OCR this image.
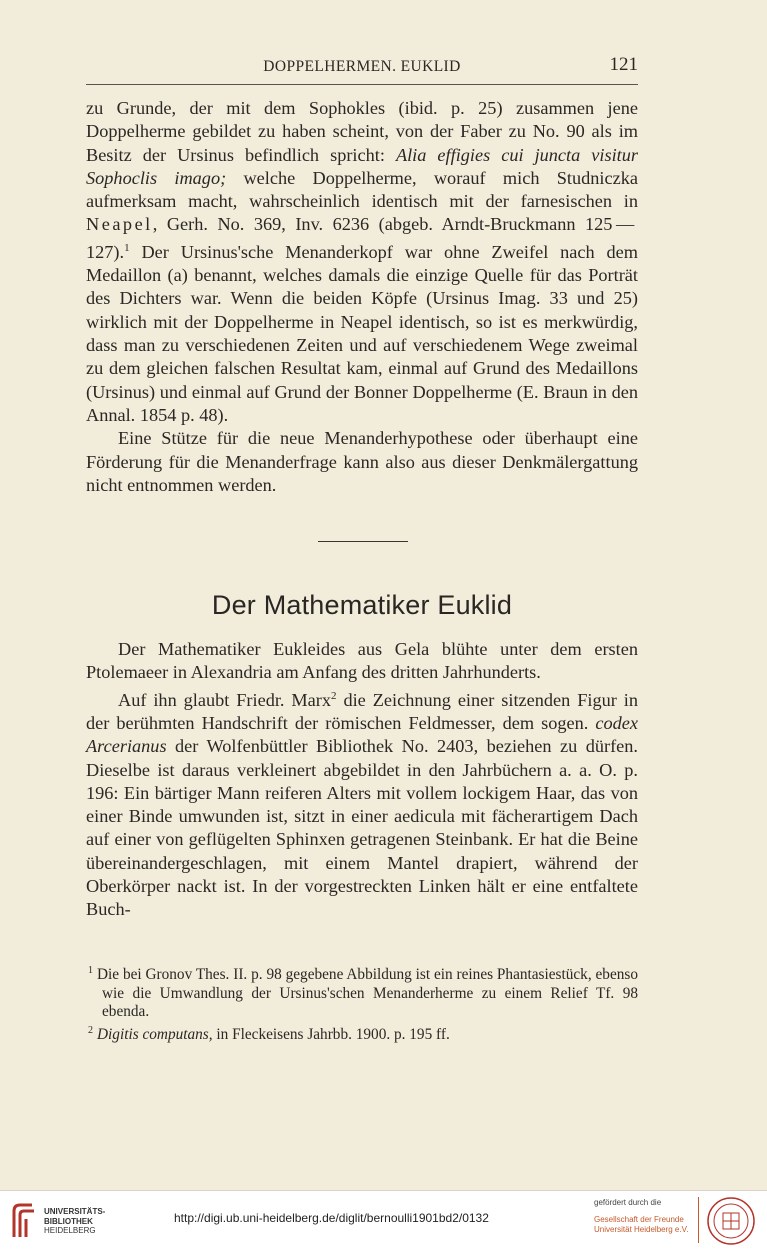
DOPPELHERMEN. EUKLID	121

zu Grunde, der mit dem Sophokles (ibid. p. 25) zusammen jene Doppelherme gebildet zu haben scheint, von der Faber zu No. 90 als im Besitz der Ursinus befindlich spricht: Alia effigies cui juncta visitur Sophoclis imago; welche Doppelherme, worauf mich Studniczka aufmerksam macht, wahrscheinlich identisch mit der farnesischen in Neapel, Gerh. No. 369, Inv. 6236 (abgeb. Arndt-Bruckmann 125 — 127).$^1$ Der Ursinus'sche Menanderkopf war ohne Zweifel nach dem Medaillon (a) benannt, welches damals die einzige Quelle für das Porträt des Dichters war. Wenn die beiden Köpfe (Ursinus Imag. 33 und 25) wirklich mit der Doppelherme in Neapel identisch, so ist es merkwürdig, dass man zu verschiedenen Zeiten und auf verschiedenem Wege zweimal zu dem gleichen falschen Resultat kam, einmal auf Grund des Medaillons (Ursinus) und einmal auf Grund der Bonner Doppelherme (E. Braun in den Annal. 1854 p. 48).

Eine Stütze für die neue Menanderhypothese oder überhaupt eine Förderung für die Menanderfrage kann also aus dieser Denkmälergattung nicht entnommen werden.

Der Mathematiker Euklid

Der Mathematiker Eukleides aus Gela blühte unter dem ersten Ptolemaeer in Alexandria am Anfang des dritten Jahrhunderts.

Auf ihn glaubt Friedr. Marx$^2$ die Zeichnung einer sitzenden Figur in der berühmten Handschrift der römischen Feldmesser, dem sogen. codex Arcerianus der Wolfenbüttler Bibliothek No. 2403, beziehen zu dürfen. Dieselbe ist daraus verkleinert abgebildet in den Jahrbüchern a. a. O. p. 196: Ein bärtiger Mann reiferen Alters mit vollem lockigem Haar, das von einer Binde umwunden ist, sitzt in einer aedicula mit fächerartigem Dach auf einer von geflügelten Sphinxen getragenen Steinbank. Er hat die Beine übereinandergeschlagen, mit einem Mantel drapiert, während der Oberkörper nackt ist. In der vorgestreckten Linken hält er eine entfaltete Buch-

$^1$ Die bei Gronov Thes. II. p. 98 gegebene Abbildung ist ein reines Phantasiestück, ebenso wie die Umwandlung der Ursinus'schen Menanderherme zu einem Relief Tf. 98 ebenda.

$^2$ Digitis computans, in Fleckeisens Jahrbb. 1900. p. 195 ff.

UNIVERSITÄTS-
BIBLIOTHEK
HEIDELBERG
http://digi.ub.uni-heidelberg.de/diglit/bernoulli1901bd2/0132
gefördert durch die
Gesellschaft der Freunde
Universität Heidelberg e.V.
